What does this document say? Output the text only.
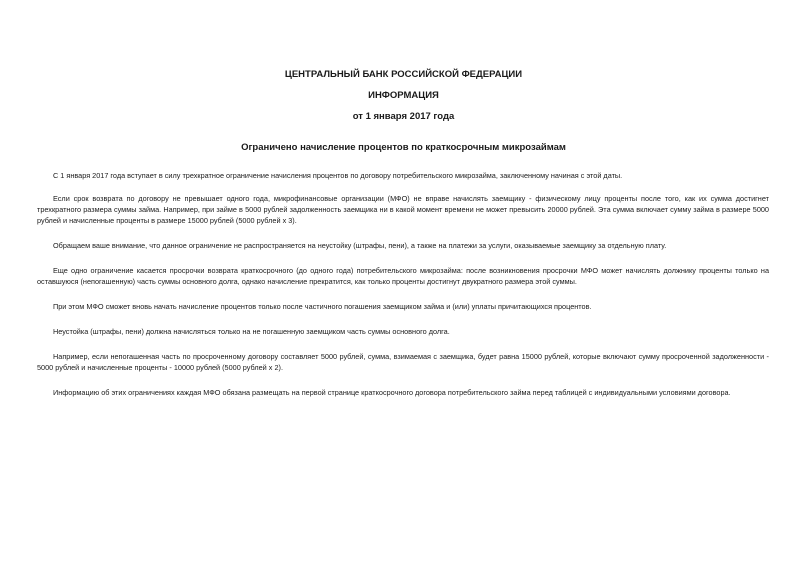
ЦЕНТРАЛЬНЫЙ БАНК РОССИЙСКОЙ ФЕДЕРАЦИИ

ИНФОРМАЦИЯ

от 1 января 2017 года

Ограничено начисление процентов по краткосрочным микрозаймам

С 1 января 2017 года вступает в силу трехкратное ограничение начисления процентов по договору потребительского микрозайма, заключенному начиная с этой даты.

Если срок возврата по договору не превышает одного года, микрофинансовые организации (МФО) не вправе начислять заемщику - физическому лицу проценты после того, как их сумма достигнет трехкратного размера суммы займа. Например, при займе в 5000 рублей задолженность заемщика ни в какой момент времени не может превысить 20000 рублей. Эта сумма включает сумму займа в размере 5000 рублей и начисленные проценты в размере 15000 рублей (5000 рублей х 3).

Обращаем ваше внимание, что данное ограничение не распространяется на неустойку (штрафы, пени), а также на платежи за услуги, оказываемые заемщику за отдельную плату.

Еще одно ограничение касается просрочки возврата краткосрочного (до одного года) потребительского микрозайма: после возникновения просрочки МФО может начислять должнику проценты только на оставшуюся (непогашенную) часть суммы основного долга, однако начисление прекратится, как только проценты достигнут двукратного размера этой суммы.

При этом МФО сможет вновь начать начисление процентов только после частичного погашения заемщиком займа и (или) уплаты причитающихся процентов.

Неустойка (штрафы, пени) должна начисляться только на не погашенную заемщиком часть суммы основного долга.

Например, если непогашенная часть по просроченному договору составляет 5000 рублей, сумма, взимаемая с заемщика, будет равна 15000 рублей, которые включают сумму просроченной задолженности - 5000 рублей и начисленные проценты - 10000 рублей (5000 рублей х 2).

Информацию об этих ограничениях каждая МФО обязана размещать на первой странице краткосрочного договора потребительского займа перед таблицей с индивидуальными условиями договора.
